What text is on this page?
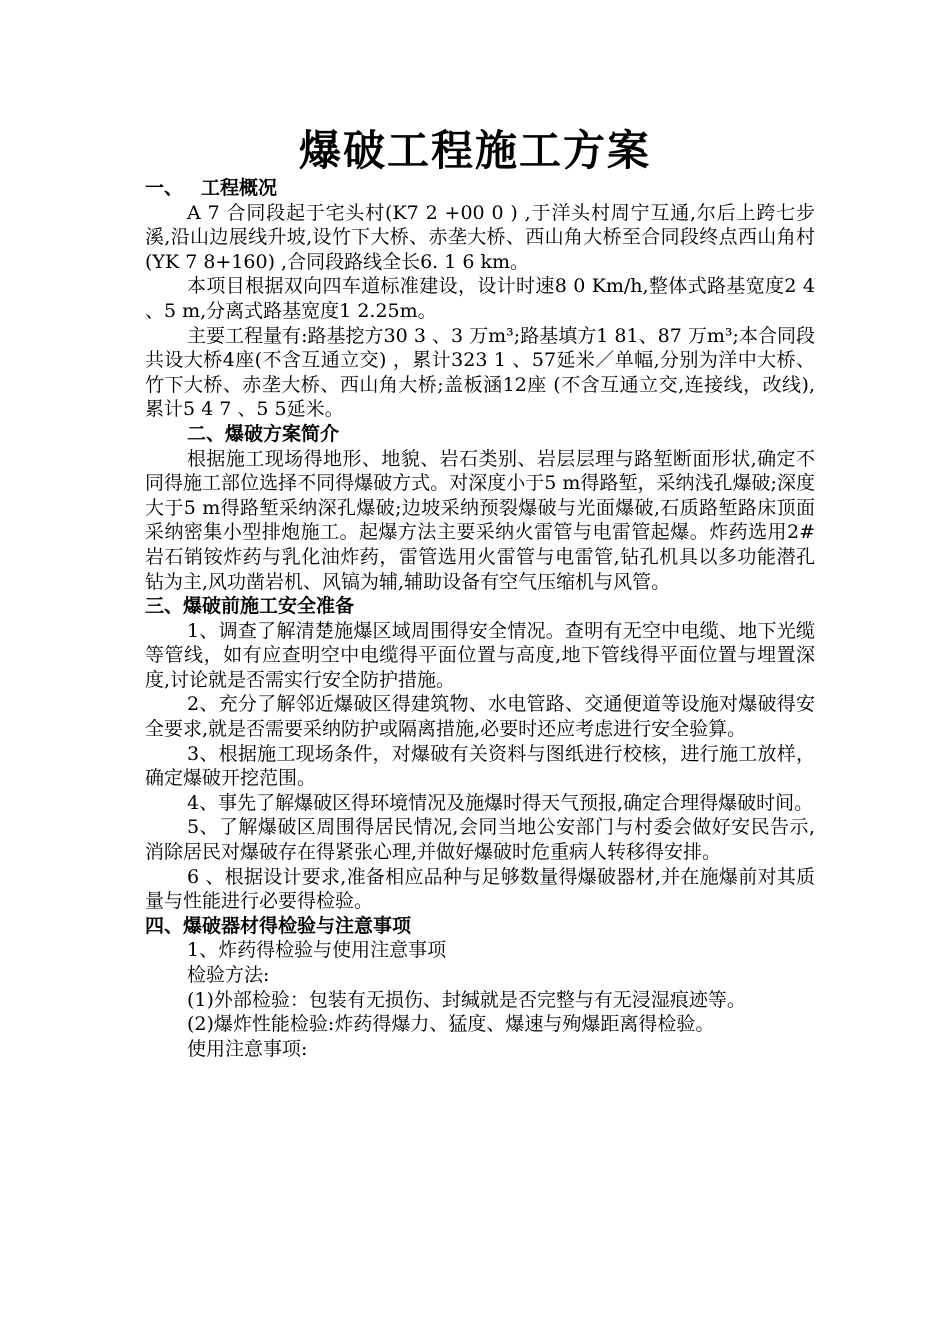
爆破工程施工方案

一、 工程概况

A 7 合同段起于宅头村(K7 2 +00 0 ) ,于洋头村周宁互通,尔后上跨七步溪,沿山边展线升坡,设竹下大桥、赤垄大桥、西山角大桥至合同段终点西山角村 (YK 7 8+160) ,合同段路线全长6. 1 6 km。

本项目根据双向四车道标准建设，设计时速8 0 Km/h,整体式路基宽度2 4 、5 m,分离式路基宽度1 2.25m。

主要工程量有:路基挖方30 3 、3 万m³;路基填方1 81、87 万m³;本合同段共设大桥4座(不含互通立交) ，累计323 1 、57延米／单幅,分别为洋中大桥、竹下大桥、赤垄大桥、西山角大桥;盖板涵12座 (不含互通立交,连接线，改线),累计5 4 7 、5 5延米。

二、爆破方案简介

根据施工现场得地形、地貌、岩石类别、岩层层理与路堑断面形状,确定不同得施工部位选择不同得爆破方式。对深度小于5 m得路堑，采纳浅孔爆破;深度大于5 m得路堑采纳深孔爆破;边坡采纳预裂爆破与光面爆破,石质路堑路床顶面采纳密集小型排炮施工。起爆方法主要采纳火雷管与电雷管起爆。炸药选用2#岩石销铵炸药与乳化油炸药，雷管选用火雷管与电雷管,钻孔机具以多功能潜孔钻为主,风功凿岩机、风镐为辅,辅助设备有空气压缩机与风管。

三、爆破前施工安全准备

1、调查了解清楚施爆区域周围得安全情况。查明有无空中电缆、地下光缆等管线，如有应查明空中电缆得平面位置与高度,地下管线得平面位置与埋置深度,讨论就是否需实行安全防护措施。

2、充分了解邻近爆破区得建筑物、水电管路、交通便道等设施对爆破得安全要求,就是否需要采纳防护或隔离措施,必要时还应考虑进行安全验算。

3、根据施工现场条件，对爆破有关资料与图纸进行校核，进行施工放样，确定爆破开挖范围。

4、事先了解爆破区得环境情况及施爆时得天气预报,确定合理得爆破时间。

5、了解爆破区周围得居民情况,会同当地公安部门与村委会做好安民告示,消除居民对爆破存在得紧张心理,并做好爆破时危重病人转移得安排。

6 、根据设计要求,准备相应品种与足够数量得爆破器材,并在施爆前对其质量与性能进行必要得检验。

四、爆破器材得检验与注意事项

1、炸药得检验与使用注意事项

检验方法:

(1)外部检验：包装有无损伤、封缄就是否完整与有无浸湿痕迹等。

(2)爆炸性能检验:炸药得爆力、猛度、爆速与殉爆距离得检验。

使用注意事项:
